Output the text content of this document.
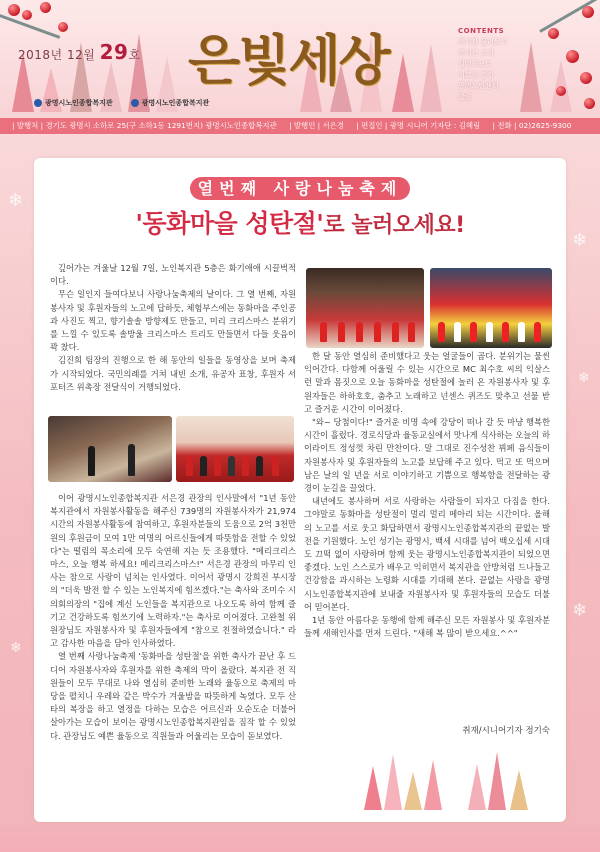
2018년 12월 29호 은빛세상
광명시노인종합복지관	광명시노인종합복지관
CONTENTS
복지관 둘러보기
복지관 소식
실버리포트
어르신 건강
광명노인센터
알림
| 발행처 | 경기도 광명시 소하로 25(구 소하1동 1291번지) 광명시노인종합복지관 | 발행인 | 서은경 | 편집인 | 광명 시니어 기자단 : 김혜림 | 전화 | 02)2625-9300
❄
❄
❄
❄
❄
열번째 사랑나눔축제
'동화마을 성탄절'로 놀러오세요!

깊어가는 겨울날 12월 7일, 노인복지관 5층은 화기애애 시끌벅적이다.

무슨 일인지 들여다보니 사랑나눔축제의 날이다. 그 열 번째, 자원봉사자 및 후원자들의 노고에 답하듯, 체험부스에는 동화마을 주인공과 사진도 찍고, 향기솔솔 방향제도 만들고, 미리 크리스마스 분위기를 느낄 수 있도록 솔방울 크리스마스 트리도 만들면서 다들 웃음이 꽉 찼다.

김진희 팀장의 진행으로 한 해 동안의 일들을 동영상을 보며 축제가 시작되었다. 국민의례를 거쳐 내빈 소개, 유공자 표창, 후원자 서포터즈 위촉장 전달식이 거행되었다.

이어 광명시노인종합복지관 서은경 관장의 인사말에서 "1년 동안 복지관에서 자원봉사활동을 해주신 739명의 자원봉사자가 21,974시간의 자원봉사활동에 참여하고, 후원자분들의 도움으로 2억 3천만원의 후원금이 모여 1만 여명의 어르신들에게 따뜻함을 전할 수 있었다"는 떨림의 목소리에 모두 숙연해 지는 듯 조용했다. "메리크리스마스, 오늘 행복 하세요! 메리크리스마스!" 서은경 관장의 마무리 인사는 참으로 사랑이 넘치는 인사였다. 이어서 광명시 강희진 부시장의 "더욱 발전 할 수 있는 노인복지에 힘쓰겠다."는 축사와 조미수 시의회의장의 "집에 계신 노인들을 복지관으로 나오도록 하여 함께 즐기고 건강하도록 힘쓰기에 노력하자."는 축사로 이어졌다. 고완철 위원장님도 자원봉사자 및 후원자들에게 "참으로 친절하였습니다." 라고 감사한 마음을 담아 인사하였다.

열 번째 사랑나눔축제 '동화마을 성탄절'을 위한 축사가 끝난 후 드디어 자원봉사자와 후원자를 위한 축제의 막이 올랐다. 복지관 전 직원들이 모두 무대로 나와 열심히 준비한 노래와 율동으로 축제의 마당을 펼치니 우레와 같은 박수가 겨울밤을 따뜻하게 녹였다. 모두 산타의 복장을 하고 열정을 다하는 모습은 어르신과 오순도순 더불어 살아가는 모습이 보이는 광명시노인종합복지관임을 짐작 할 수 있었다. 관장님도 예쁜 율동으로 직원들과 어울리는 모습이 돋보였다.

한 달 동안 열심히 준비했다고 웃는 얼굴들이 곱다. 분위기는 물씬 익어간다. 다함께 어울릴 수 있는 시간으로 MC 최수호 씨의 익살스런 말과 몸짓으로 오늘 동화마을 성탄절에 놀러 온 자원봉사자 및 후원자들은 하하호호, 춤추고 노래하고 넌센스 퀴즈도 맞추고 선물 받고 즐거운 시간이 이어졌다.

"와~ 당첨이다!" 즐거운 비명 속에 강당이 떠나 갈 듯 마냥 행복한 시간이 흘렀다. 경로식당과 율동교실에서 맛나게 식사하는 오늘의 하이라이트 정성껏 차린 만찬이다. 말 그대로 진수성찬 뷔페 음식들이 자원봉사자 및 후원자들의 노고를 보답해 주고 있다. 먹고 또 먹으며 남은 날의 일 년을 서로 이야기하고 기쁨으로 행복함을 전달하는 광경이 눈길을 끌었다.

내년에도 봉사하며 서로 사랑하는 사람들이 되자고 다짐을 한다. 그야말로 동화마을 성탄절이 멀리 멀리 메아리 되는 시간이다. 올해의 노고를 서로 웃고 화답하면서 광명시노인종합복지관의 끝없는 발전을 기원했다. 노인 성기는 광명시, 백세 시대를 넘어 백오십세 시대도 끄떡 없이 사랑하며 함께 웃는 광명시노인종합복지관이 되었으면 좋겠다. 노인 스스로가 배우고 익히면서 복지관을 안방처럼 드나들고 건강함을 과시하는 노령화 시대를 기대해 본다. 끝없는 사랑을 광명시노인종합복지관에 보내줄 자원봉사자 및 후원자들의 모습도 더불어 믿어본다.

1년 동안 아름다운 동행에 함께 해주신 모든 자원봉사 및 후원자분들께 새해인사를 먼저 드린다. "새해 복 많이 받으세요.^^"

취재/시니어기자 정기숙
